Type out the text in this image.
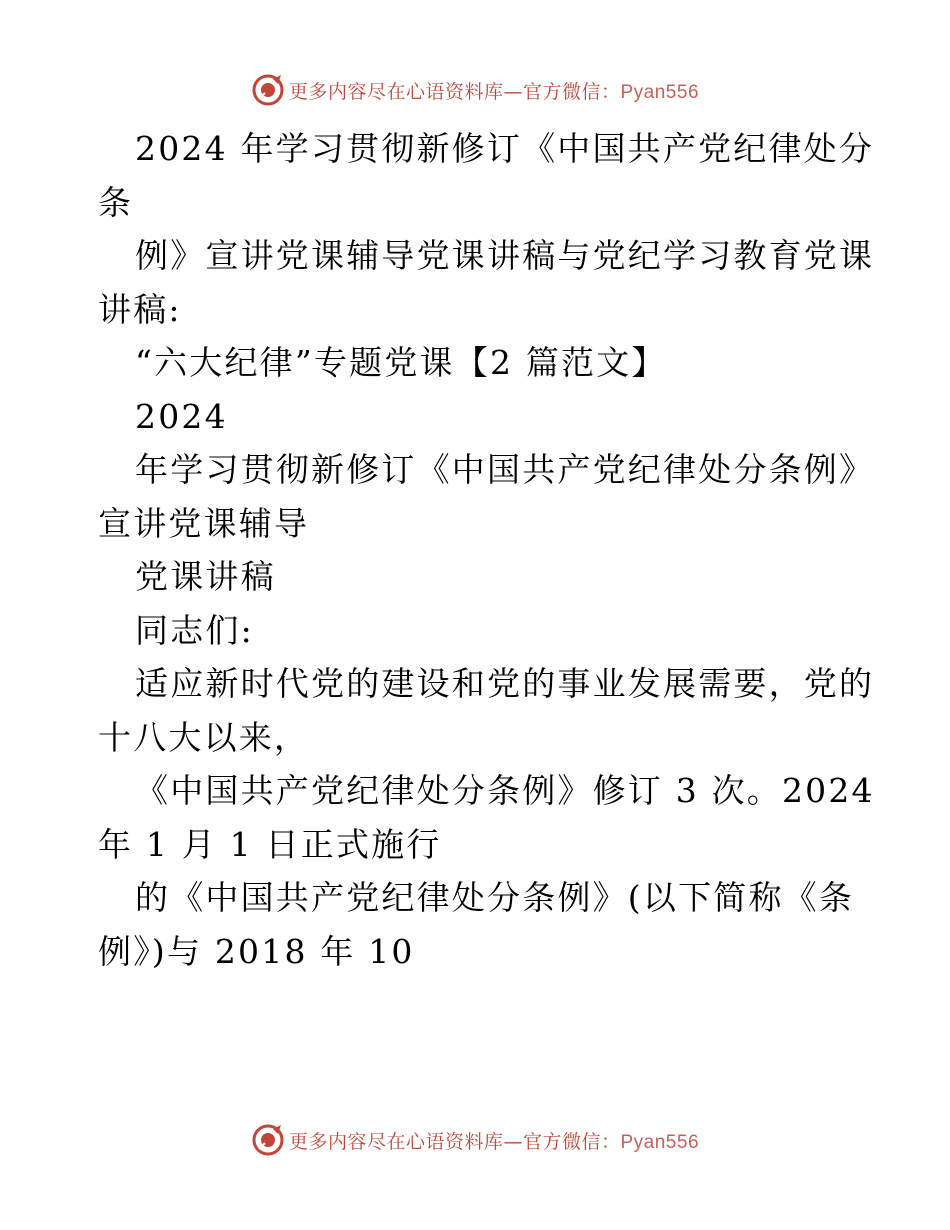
更多内容尽在心语资料库—官方微信：Pyan556
2024 年学习贯彻新修订《中国共产党纪律处分
条
例》宣讲党课辅导党课讲稿与党纪学习教育党课
讲稿:
“六大纪律”专题党课【2 篇范文】
2024
年学习贯彻新修订《中国共产党纪律处分条例》
宣讲党课辅导
党课讲稿
同志们:
适应新时代党的建设和党的事业发展需要，党的
十八大以来，
《中国共产党纪律处分条例》修订 3 次。2024
年 1 月 1 日正式施行
的《中国共产党纪律处分条例》(以下简称《条
例》)与 2018 年 10
更多内容尽在心语资料库—官方微信：Pyan556
